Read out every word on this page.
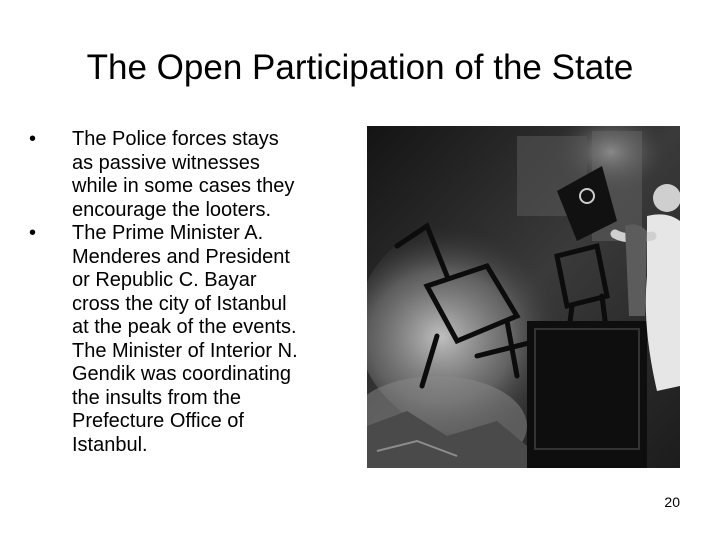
The Open Participation of the State
• The Police forces stays
as passive witnesses
while in some cases they
encourage the looters.
• The Prime Minister A.
Menderes and President
or Republic C. Bayar
cross the city of Istanbul
at the peak of the events.
The Minister of Interior N.
Gendik was coordinating
the insults from the
Prefecture Office of
Istanbul.
20
